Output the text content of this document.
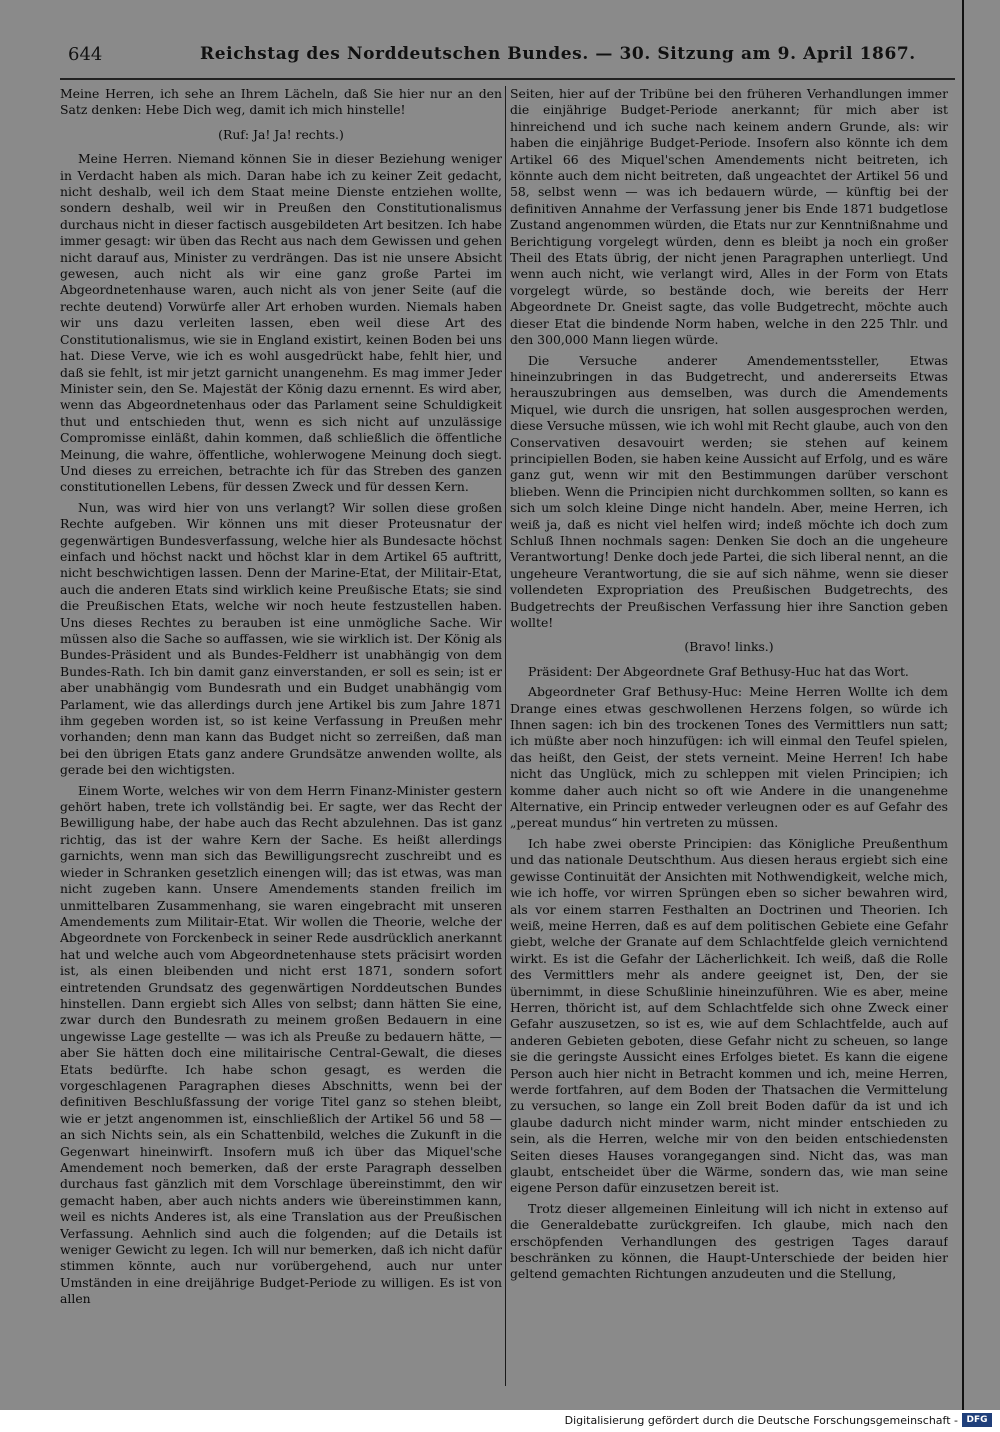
644	Reichstag des Norddeutschen Bundes. — 30. Sitzung am 9. April 1867.

Meine Herren, ich sehe an Ihrem Lächeln, daß Sie hier nur an den Satz denken: Hebe Dich weg, damit ich mich hinstelle!

(Ruf: Ja! Ja! rechts.)

Meine Herren. Niemand können Sie in dieser Beziehung weniger in Verdacht haben als mich. Daran habe ich zu keiner Zeit gedacht, nicht deshalb, weil ich dem Staat meine Dienste entziehen wollte, sondern deshalb, weil wir in Preußen den Constitutionalismus durchaus nicht in dieser factisch ausgebildeten Art besitzen. Ich habe immer gesagt: wir üben das Recht aus nach dem Gewissen und gehen nicht darauf aus, Minister zu verdrängen. Das ist nie unsere Absicht gewesen, auch nicht als wir eine ganz große Partei im Abgeordnetenhause waren, auch nicht als von jener Seite (auf die rechte deutend) Vorwürfe aller Art erhoben wurden. Niemals haben wir uns dazu verleiten lassen, eben weil diese Art des Constitutionalismus, wie sie in England existirt, keinen Boden bei uns hat. Diese Verve, wie ich es wohl ausgedrückt habe, fehlt hier, und daß sie fehlt, ist mir jetzt garnicht unangenehm. Es mag immer Jeder Minister sein, den Se. Majestät der König dazu ernennt. Es wird aber, wenn das Abgeordnetenhaus oder das Parlament seine Schuldigkeit thut und entschieden thut, wenn es sich nicht auf unzulässige Compromisse einläßt, dahin kommen, daß schließlich die öffentliche Meinung, die wahre, öffentliche, wohlerwogene Meinung doch siegt. Und dieses zu erreichen, betrachte ich für das Streben des ganzen constitutionellen Lebens, für dessen Zweck und für dessen Kern.

Nun, was wird hier von uns verlangt? Wir sollen diese großen Rechte aufgeben. Wir können uns mit dieser Proteusnatur der gegenwärtigen Bundesverfassung, welche hier als Bundesacte höchst einfach und höchst nackt und höchst klar in dem Artikel 65 auftritt, nicht beschwichtigen lassen. Denn der Marine-Etat, der Militair-Etat, auch die anderen Etats sind wirklich keine Preußische Etats; sie sind die Preußischen Etats, welche wir noch heute festzustellen haben. Uns dieses Rechtes zu berauben ist eine unmögliche Sache. Wir müssen also die Sache so auffassen, wie sie wirklich ist. Der König als Bundes-Präsident und als Bundes-Feldherr ist unabhängig von dem Bundes-Rath. Ich bin damit ganz einverstanden, er soll es sein; ist er aber unabhängig vom Bundesrath und ein Budget unabhängig vom Parlament, wie das allerdings durch jene Artikel bis zum Jahre 1871 ihm gegeben worden ist, so ist keine Verfassung in Preußen mehr vorhanden; denn man kann das Budget nicht so zerreißen, daß man bei den übrigen Etats ganz andere Grundsätze anwenden wollte, als gerade bei den wichtigsten.

Einem Worte, welches wir von dem Herrn Finanz-Minister gestern gehört haben, trete ich vollständig bei. Er sagte, wer das Recht der Bewilligung habe, der habe auch das Recht abzulehnen. Das ist ganz richtig, das ist der wahre Kern der Sache. Es heißt allerdings garnichts, wenn man sich das Bewilligungsrecht zuschreibt und es wieder in Schranken gesetzlich einengen will; das ist etwas, was man nicht zugeben kann. Unsere Amendements standen freilich im unmittelbaren Zusammenhang, sie waren eingebracht mit unseren Amendements zum Militair-Etat. Wir wollen die Theorie, welche der Abgeordnete von Forckenbeck in seiner Rede ausdrücklich anerkannt hat und welche auch vom Abgeordnetenhause stets präcisirt worden ist, als einen bleibenden und nicht erst 1871, sondern sofort eintretenden Grundsatz des gegenwärtigen Norddeutschen Bundes hinstellen. Dann ergiebt sich Alles von selbst; dann hätten Sie eine, zwar durch den Bundesrath zu meinem großen Bedauern in eine ungewisse Lage gestellte — was ich als Preuße zu bedauern hätte, — aber Sie hätten doch eine militairische Central-Gewalt, die dieses Etats bedürfte. Ich habe schon gesagt, es werden die vorgeschlagenen Paragraphen dieses Abschnitts, wenn bei der definitiven Beschlußfassung der vorige Titel ganz so stehen bleibt, wie er jetzt angenommen ist, einschließlich der Artikel 56 und 58 — an sich Nichts sein, als ein Schattenbild, welches die Zukunft in die Gegenwart hineinwirft. Insofern muß ich über das Miquel'sche Amendement noch bemerken, daß der erste Paragraph desselben durchaus fast gänzlich mit dem Vorschlage übereinstimmt, den wir gemacht haben, aber auch nichts anders wie übereinstimmen kann, weil es nichts Anderes ist, als eine Translation aus der Preußischen Verfassung. Aehnlich sind auch die folgenden; auf die Details ist weniger Gewicht zu legen. Ich will nur bemerken, daß ich nicht dafür stimmen könnte, auch nur vorübergehend, auch nur unter Umständen in eine dreijährige Budget-Periode zu willigen. Es ist von allen

Seiten, hier auf der Tribüne bei den früheren Verhandlungen immer die einjährige Budget-Periode anerkannt; für mich aber ist hinreichend und ich suche nach keinem andern Grunde, als: wir haben die einjährige Budget-Periode. Insofern also könnte ich dem Artikel 66 des Miquel'schen Amendements nicht beitreten, ich könnte auch dem nicht beitreten, daß ungeachtet der Artikel 56 und 58, selbst wenn — was ich bedauern würde, — künftig bei der definitiven Annahme der Verfassung jener bis Ende 1871 budgetlose Zustand angenommen würden, die Etats nur zur Kenntnißnahme und Berichtigung vorgelegt würden, denn es bleibt ja noch ein großer Theil des Etats übrig, der nicht jenen Paragraphen unterliegt. Und wenn auch nicht, wie verlangt wird, Alles in der Form von Etats vorgelegt würde, so bestände doch, wie bereits der Herr Abgeordnete Dr. Gneist sagte, das volle Budgetrecht, möchte auch dieser Etat die bindende Norm haben, welche in den 225 Thlr. und den 300,000 Mann liegen würde.

Die Versuche anderer Amendementssteller, Etwas hineinzubringen in das Budgetrecht, und andererseits Etwas herauszubringen aus demselben, was durch die Amendements Miquel, wie durch die unsrigen, hat sollen ausgesprochen werden, diese Versuche müssen, wie ich wohl mit Recht glaube, auch von den Conservativen desavouirt werden; sie stehen auf keinem principiellen Boden, sie haben keine Aussicht auf Erfolg, und es wäre ganz gut, wenn wir mit den Bestimmungen darüber verschont blieben. Wenn die Principien nicht durchkommen sollten, so kann es sich um solch kleine Dinge nicht handeln. Aber, meine Herren, ich weiß ja, daß es nicht viel helfen wird; indeß möchte ich doch zum Schluß Ihnen nochmals sagen: Denken Sie doch an die ungeheure Verantwortung! Denke doch jede Partei, die sich liberal nennt, an die ungeheure Verantwortung, die sie auf sich nähme, wenn sie dieser vollendeten Expropriation des Preußischen Budgetrechts, des Budgetrechts der Preußischen Verfassung hier ihre Sanction geben wollte!

(Bravo! links.)

Präsident: Der Abgeordnete Graf Bethusy-Huc hat das Wort.

Abgeordneter Graf Bethusy-Huc: Meine Herren Wollte ich dem Drange eines etwas geschwollenen Herzens folgen, so würde ich Ihnen sagen: ich bin des trockenen Tones des Vermittlers nun satt; ich müßte aber noch hinzufügen: ich will einmal den Teufel spielen, das heißt, den Geist, der stets verneint. Meine Herren! Ich habe nicht das Unglück, mich zu schleppen mit vielen Principien; ich komme daher auch nicht so oft wie Andere in die unangenehme Alternative, ein Princip entweder verleugnen oder es auf Gefahr des „pereat mundus“ hin vertreten zu müssen.

Ich habe zwei oberste Principien: das Königliche Preußenthum und das nationale Deutschthum. Aus diesen heraus ergiebt sich eine gewisse Continuität der Ansichten mit Nothwendigkeit, welche mich, wie ich hoffe, vor wirren Sprüngen eben so sicher bewahren wird, als vor einem starren Festhalten an Doctrinen und Theorien. Ich weiß, meine Herren, daß es auf dem politischen Gebiete eine Gefahr giebt, welche der Granate auf dem Schlachtfelde gleich vernichtend wirkt. Es ist die Gefahr der Lächerlichkeit. Ich weiß, daß die Rolle des Vermittlers mehr als andere geeignet ist, Den, der sie übernimmt, in diese Schußlinie hineinzuführen. Wie es aber, meine Herren, thöricht ist, auf dem Schlachtfelde sich ohne Zweck einer Gefahr auszusetzen, so ist es, wie auf dem Schlachtfelde, auch auf anderen Gebieten geboten, diese Gefahr nicht zu scheuen, so lange sie die geringste Aussicht eines Erfolges bietet. Es kann die eigene Person auch hier nicht in Betracht kommen und ich, meine Herren, werde fortfahren, auf dem Boden der Thatsachen die Vermittelung zu versuchen, so lange ein Zoll breit Boden dafür da ist und ich glaube dadurch nicht minder warm, nicht minder entschieden zu sein, als die Herren, welche mir von den beiden entschiedensten Seiten dieses Hauses vorangegangen sind. Nicht das, was man glaubt, entscheidet über die Wärme, sondern das, wie man seine eigene Person dafür einzusetzen bereit ist.

Trotz dieser allgemeinen Einleitung will ich nicht in extenso auf die Generaldebatte zurückgreifen. Ich glaube, mich nach den erschöpfenden Verhandlungen des gestrigen Tages darauf beschränken zu können, die Haupt-Unterschiede der beiden hier geltend gemachten Richtungen anzudeuten und die Stellung,

Digitalisierung gefördert durch die Deutsche Forschungsgemeinschaft - DFG
